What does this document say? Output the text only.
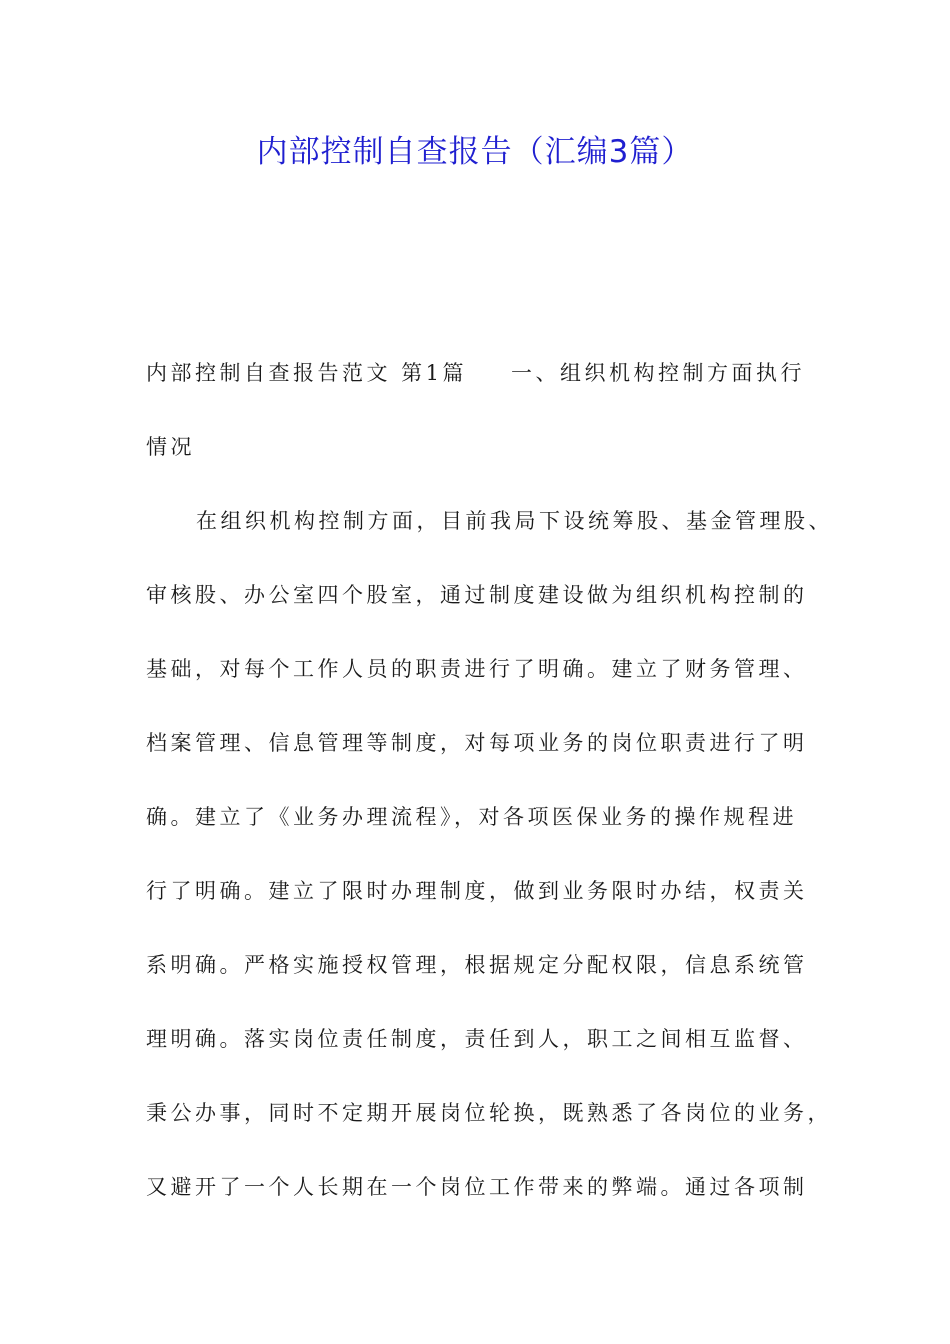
内部控制自查报告（汇编3篇）
内部控制自查报告范文 第1篇 一、组织机构控制方面执行
情况
在组织机构控制方面，目前我局下设统筹股、基金管理股、
审核股、办公室四个股室，通过制度建设做为组织机构控制的
基础，对每个工作人员的职责进行了明确。建立了财务管理、
档案管理、信息管理等制度，对每项业务的岗位职责进行了明
确。建立了《业务办理流程》，对各项医保业务的操作规程进
行了明确。建立了限时办理制度，做到业务限时办结，权责关
系明确。严格实施授权管理，根据规定分配权限，信息系统管
理明确。落实岗位责任制度，责任到人，职工之间相互监督、
秉公办事，同时不定期开展岗位轮换，既熟悉了各岗位的业务，
又避开了一个人长期在一个岗位工作带来的弊端。通过各项制
